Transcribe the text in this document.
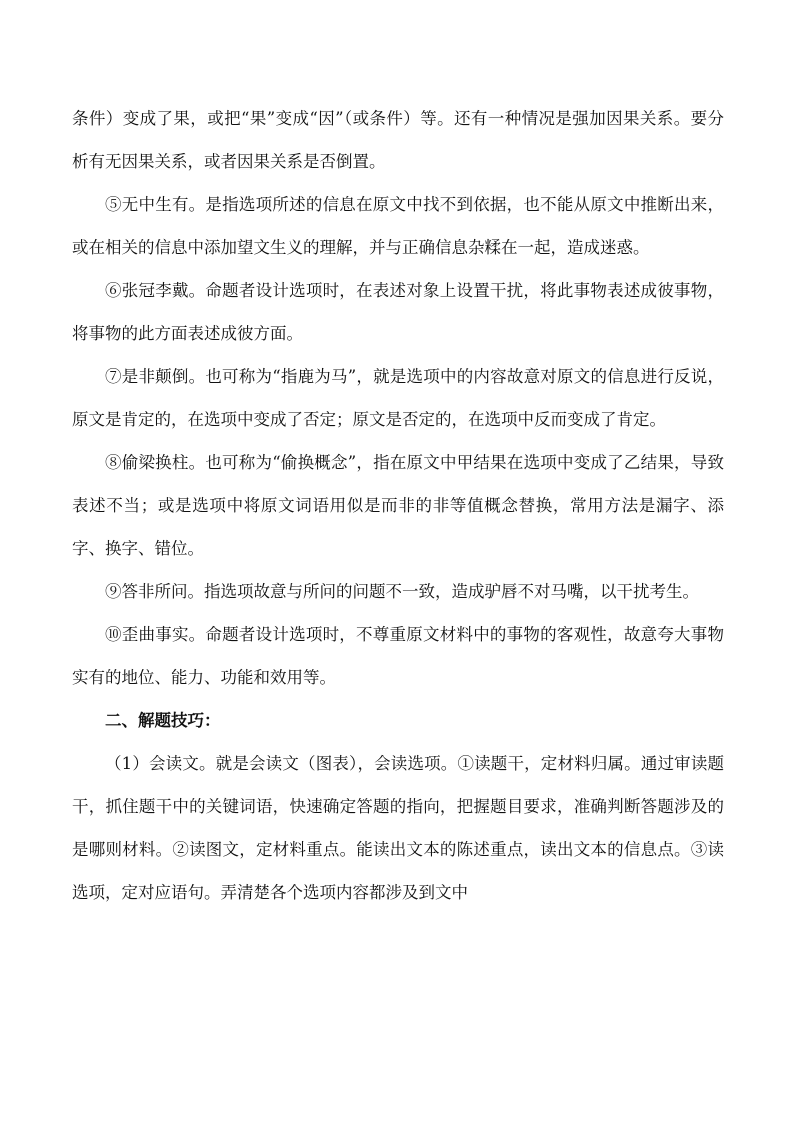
条件）变成了果，或把“果”变成“因”（或条件）等。还有一种情况是强加因果关系。要分析有无因果关系，或者因果关系是否倒置。

⑤无中生有。是指选项所述的信息在原文中找不到依据，也不能从原文中推断出来，或在相关的信息中添加望文生义的理解，并与正确信息杂糅在一起，造成迷惑。

⑥张冠李戴。命题者设计选项时，在表述对象上设置干扰，将此事物表述成彼事物，将事物的此方面表述成彼方面。

⑦是非颠倒。也可称为“指鹿为马”，就是选项中的内容故意对原文的信息进行反说，原文是肯定的，在选项中变成了否定；原文是否定的，在选项中反而变成了肯定。

⑧偷梁换柱。也可称为“偷换概念”，指在原文中甲结果在选项中变成了乙结果，导致表述不当；或是选项中将原文词语用似是而非的非等值概念替换，常用方法是漏字、添字、换字、错位。

⑨答非所问。指选项故意与所问的问题不一致，造成驴唇不对马嘴，以干扰考生。

⑩歪曲事实。命题者设计选项时，不尊重原文材料中的事物的客观性，故意夸大事物实有的地位、能力、功能和效用等。

二、解题技巧：

（1）会读文。就是会读文（图表），会读选项。①读题干，定材料归属。通过审读题干，抓住题干中的关键词语，快速确定答题的指向，把握题目要求，准确判断答题涉及的是哪则材料。②读图文，定材料重点。能读出文本的陈述重点，读出文本的信息点。③读选项，定对应语句。弄清楚各个选项内容都涉及到文中
